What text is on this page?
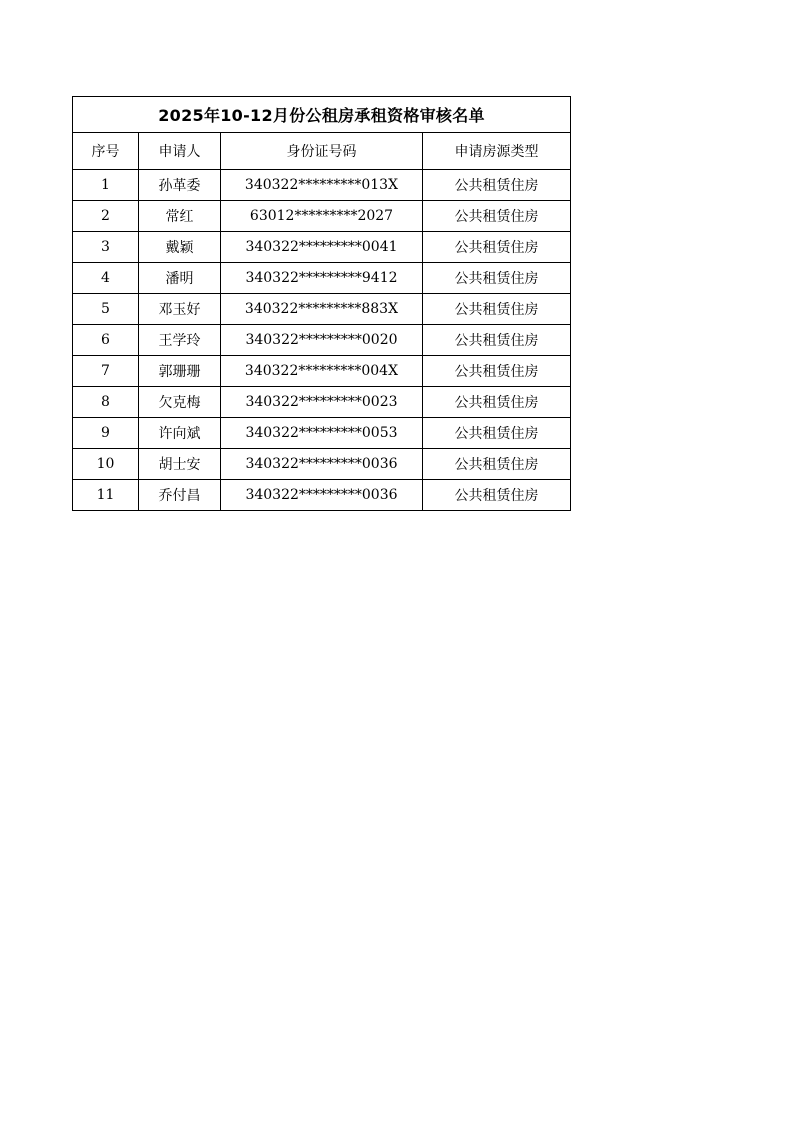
2025年10-12月份公租房承租资格审核名单			
序号	申请人	身份证号码	申请房源类型
1	孙革委	340322*********013X	公共租赁住房
2	常红	63012*********2027	公共租赁住房
3	戴颖	340322*********0041	公共租赁住房
4	潘明	340322*********9412	公共租赁住房
5	邓玉好	340322*********883X	公共租赁住房
6	王学玲	340322*********0020	公共租赁住房
7	郭珊珊	340322*********004X	公共租赁住房
8	欠克梅	340322*********0023	公共租赁住房
9	许向斌	340322*********0053	公共租赁住房
10	胡士安	340322*********0036	公共租赁住房
11	乔付昌	340322*********0036	公共租赁住房
